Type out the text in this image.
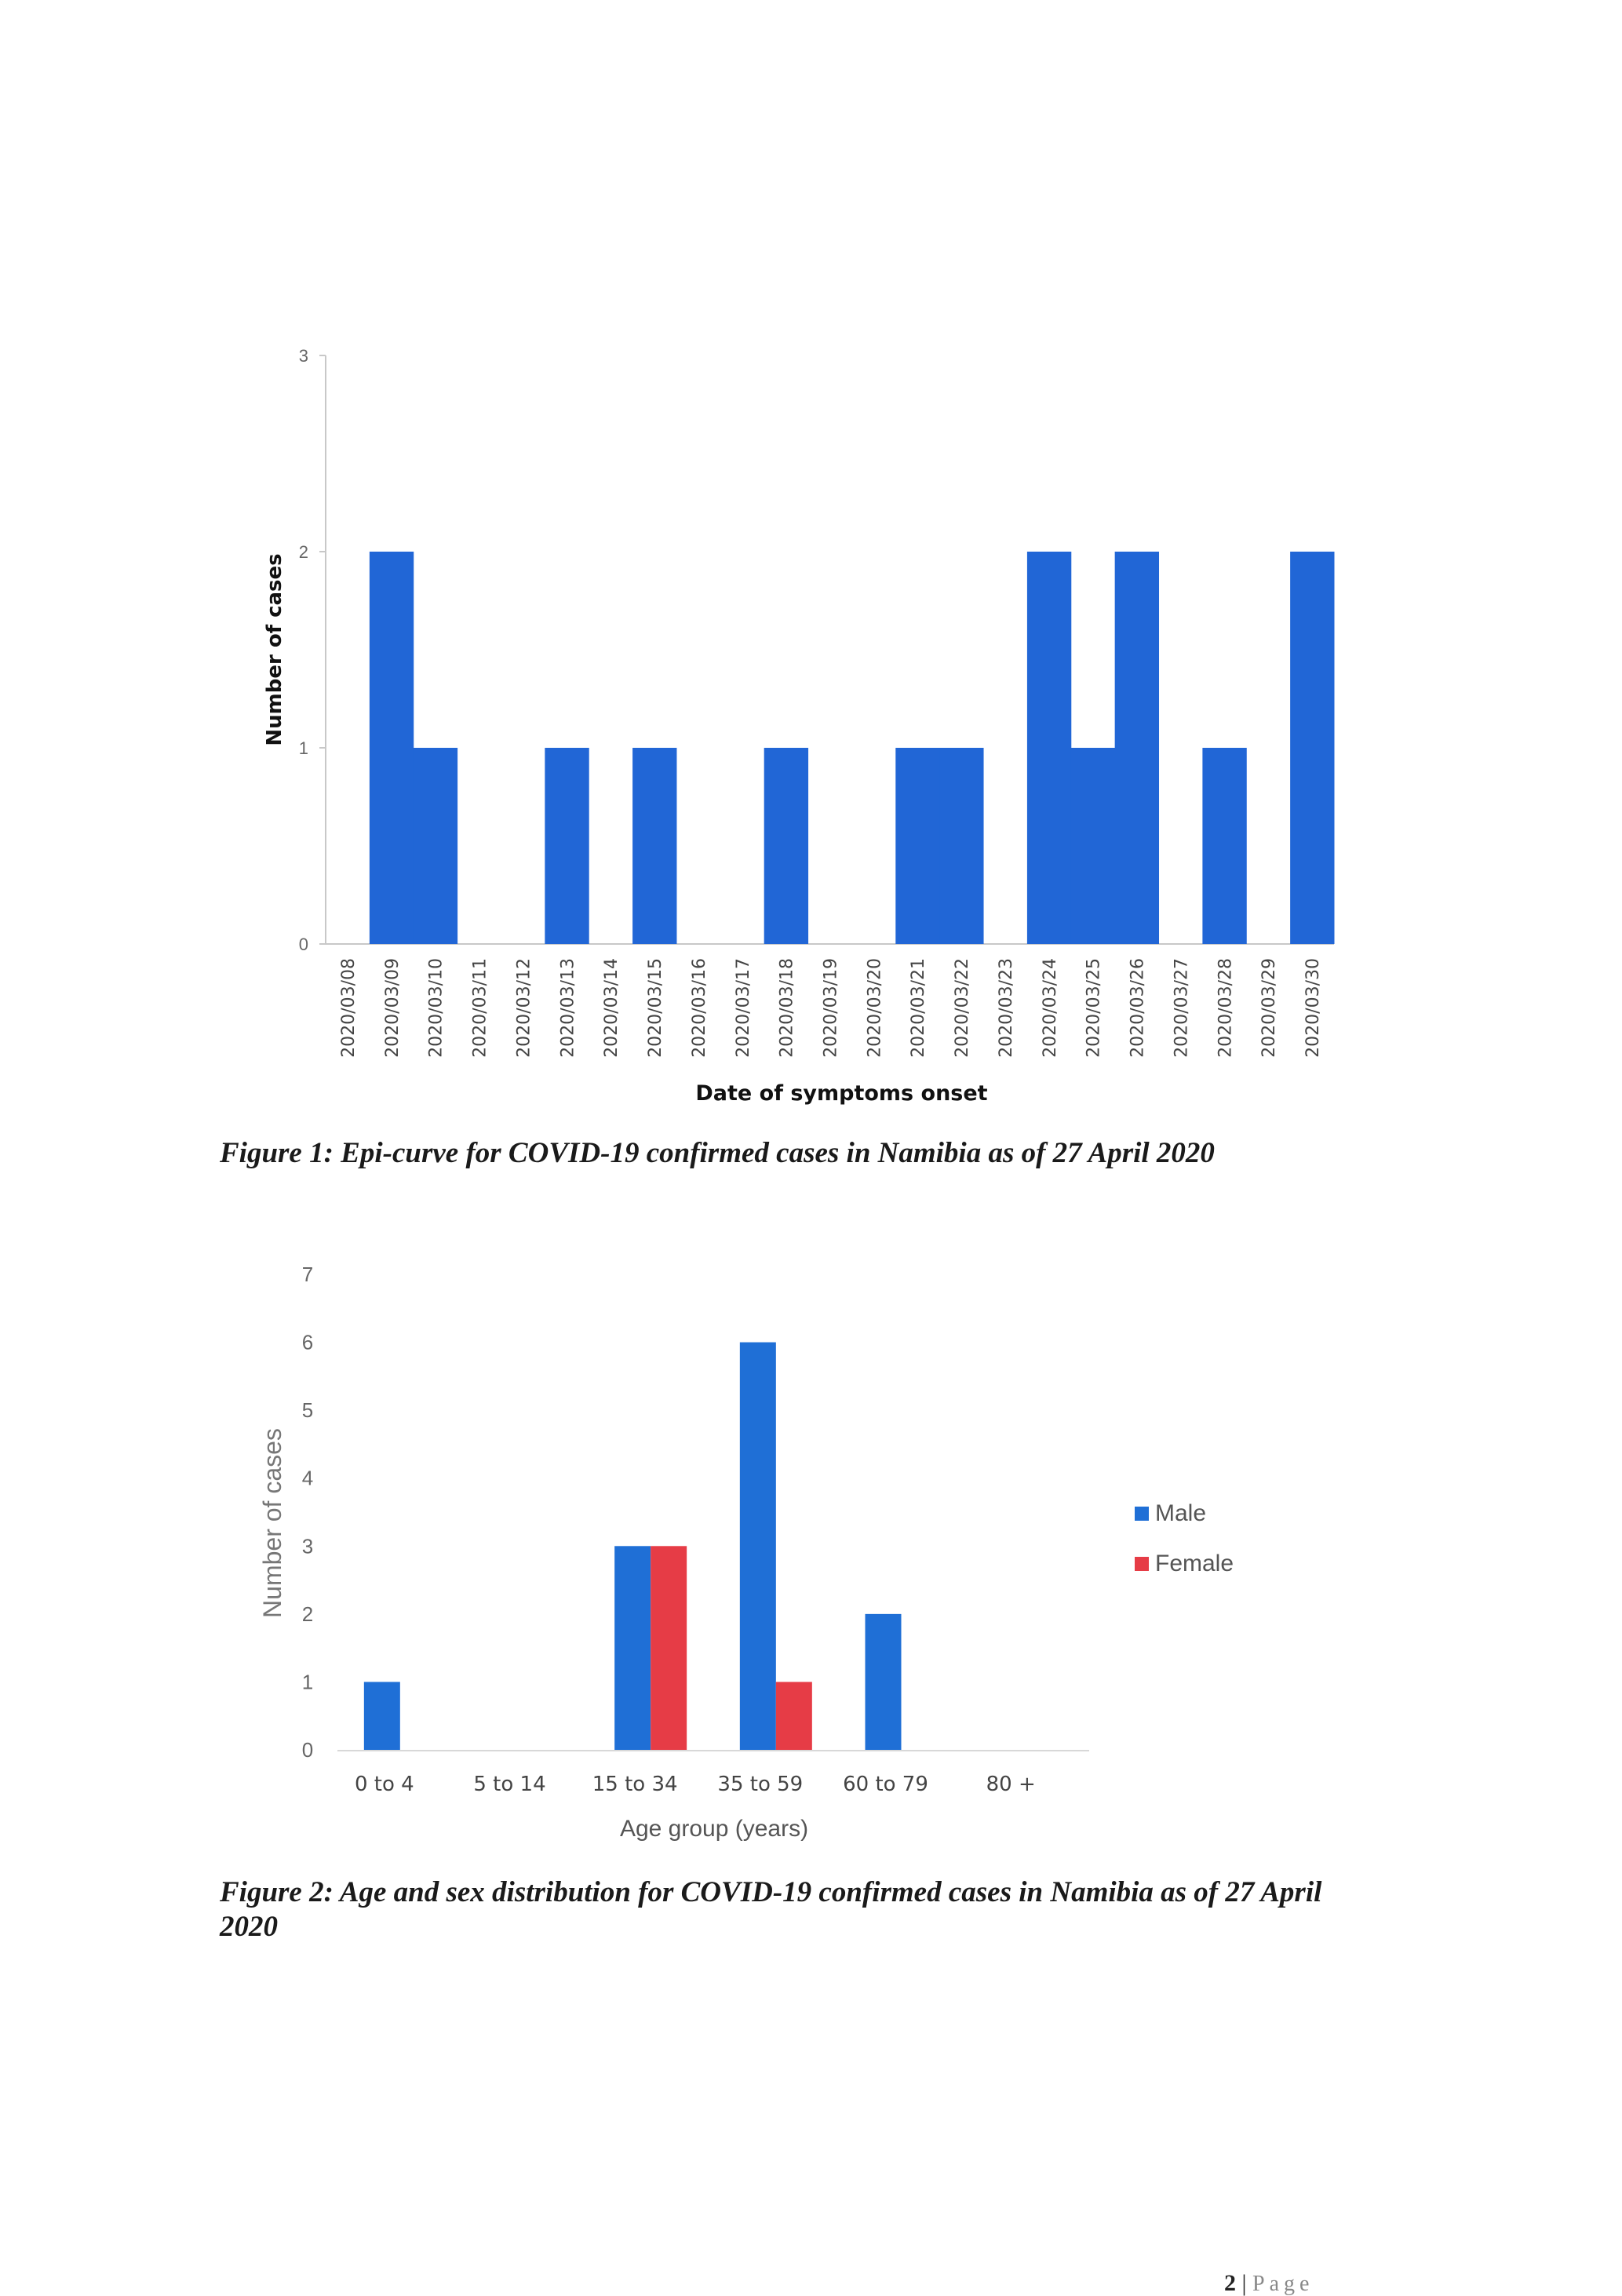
0
1
2
3
2020/03/08 2020/03/09 2020/03/10 2020/03/11 2020/03/12 2020/03/13 2020/03/14 2020/03/15 2020/03/16 2020/03/17 2020/03/18 2020/03/19 2020/03/20 2020/03/21 2020/03/22 2020/03/23 2020/03/24 2020/03/25 2020/03/26 2020/03/27 2020/03/28 2020/03/29 2020/03/30
Number of cases
Date of symptoms onset

Figure 1: Epi-curve for COVID-19 confirmed cases in Namibia as of 27 April 2020

0
1
2
3
4
5
6
7
0 to 4	5 to 14 15 to 34 35 to 59 60 to 79	80 +
Number of cases
Age group (years)
Male
Female

Figure 2: Age and sex distribution for COVID-19 confirmed cases in Namibia as of 27 April 2020

2 | Page
